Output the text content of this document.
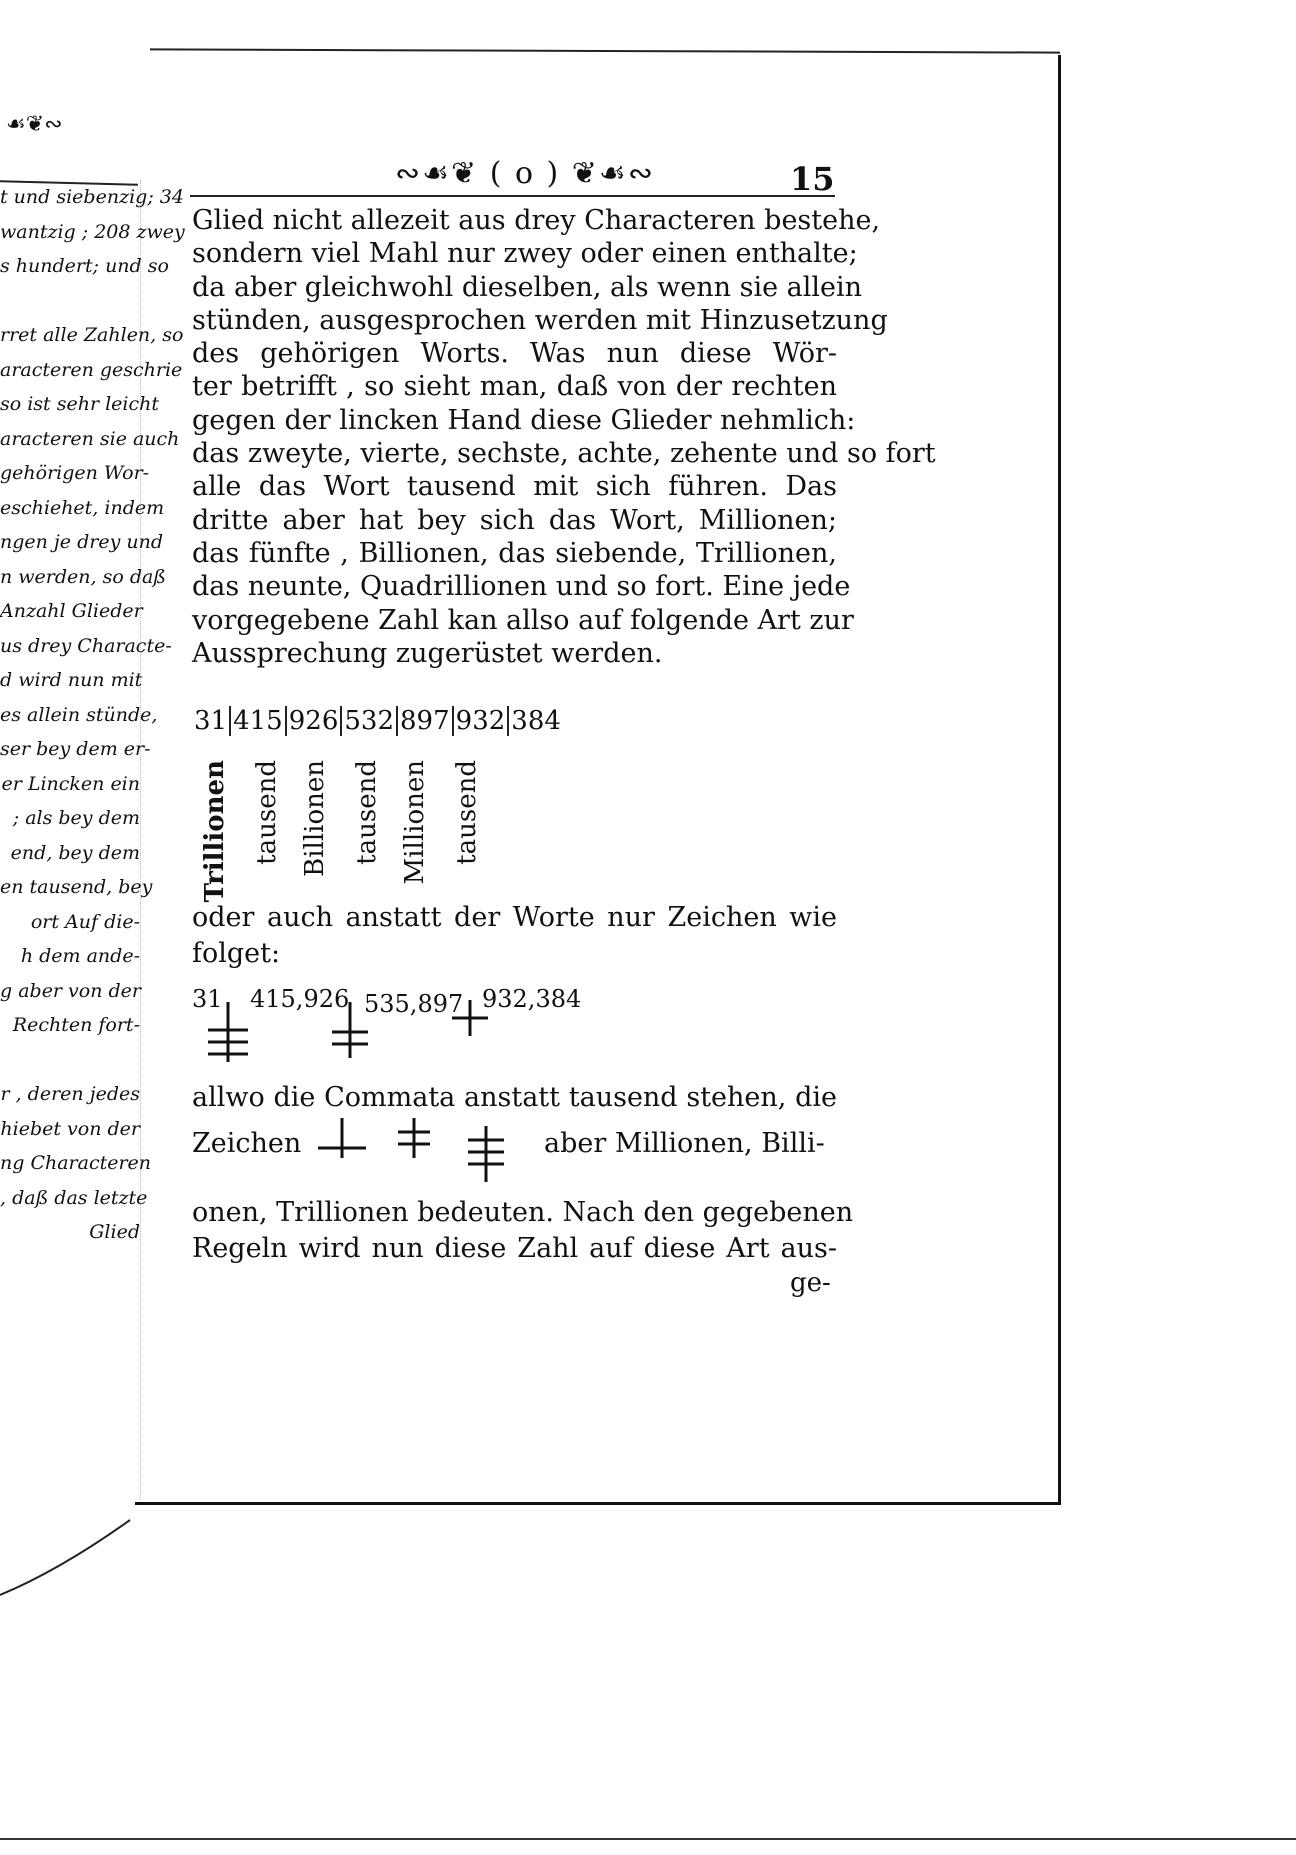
☙❦∾
t und siebenzig; 34
wantzig ; 208 zwey
s hundert; und so

rret alle Zahlen, so
aracteren geschrie
so ist sehr leicht
aracteren sie auch
gehörigen Wor-
eschiehet, indem
ngen je drey und
n werden, so daß
Anzahl Glieder
us drey Characte-
d wird nun mit
es allein stünde,
ser bey dem er-
er Lincken ein
; als bey dem
end, bey dem
en tausend, bey
ort Auf die-
h dem ande-
g aber von der
Rechten fort-

r , deren jedes
hiebet von der
ng Characteren
, daß das letzte
Glied
∾☙❦ ( o ) ❦☙∾	15
Glied nicht allezeit aus drey Characteren bestehe,
sondern viel Mahl nur zwey oder einen enthalte;
da aber gleichwohl dieselben, als wenn sie allein
stünden, ausgesprochen werden mit Hinzusetzung
des gehörigen Worts. Was nun diese Wör-
ter betrifft , so sieht man, daß von der rechten
gegen der lincken Hand diese Glieder nehmlich:
das zweyte, vierte, sechste, achte, zehente und so fort
alle das Wort tausend mit sich führen. Das
dritte aber hat bey sich das Wort, Millionen;
das fünfte , Billionen, das siebende, Trillionen,
das neunte, Quadrillionen und so fort. Eine jede
vorgegebene Zahl kan allso auf folgende Art zur
Aussprechung zugerüstet werden.
31 415 926 532 897 932 384
Trillionen tausend Billionen tausend Millionen tausend
oder auch anstatt der Worte nur Zeichen wie
folget:
31 415,926 535,897 932,384
allwo die Commata anstatt tausend stehen, die
Zeichen	aber Millionen, Billi-
onen, Trillionen bedeuten. Nach den gegebenen
Regeln wird nun diese Zahl auf diese Art aus-
ge-
